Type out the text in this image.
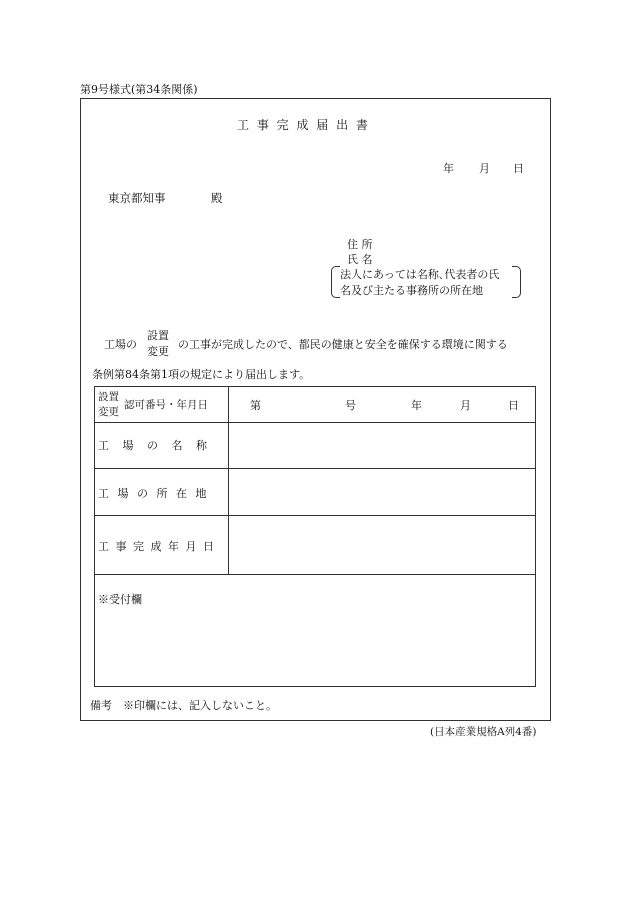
第9号様式(第34条関係)
工 事 完 成 届 出 書
年 月 日
東京都知事	殿
住 所
氏 名
法人にあっては名称､代表者の氏
名及び主たる事務所の所在地
工場の
設置
変更
の工事が完成したので、都民の健康と安全を確保する環境に関する
条例第84条第1項の規定により届出します。
設置
変更
認可番号・年月日	第	号	年	月	日
工 場 の 名 称
工 場 の 所 在 地
工 事 完 成 年 月 日
※受付欄
備考　※印欄には、記入しないこと。
(日本産業規格A列4番)
